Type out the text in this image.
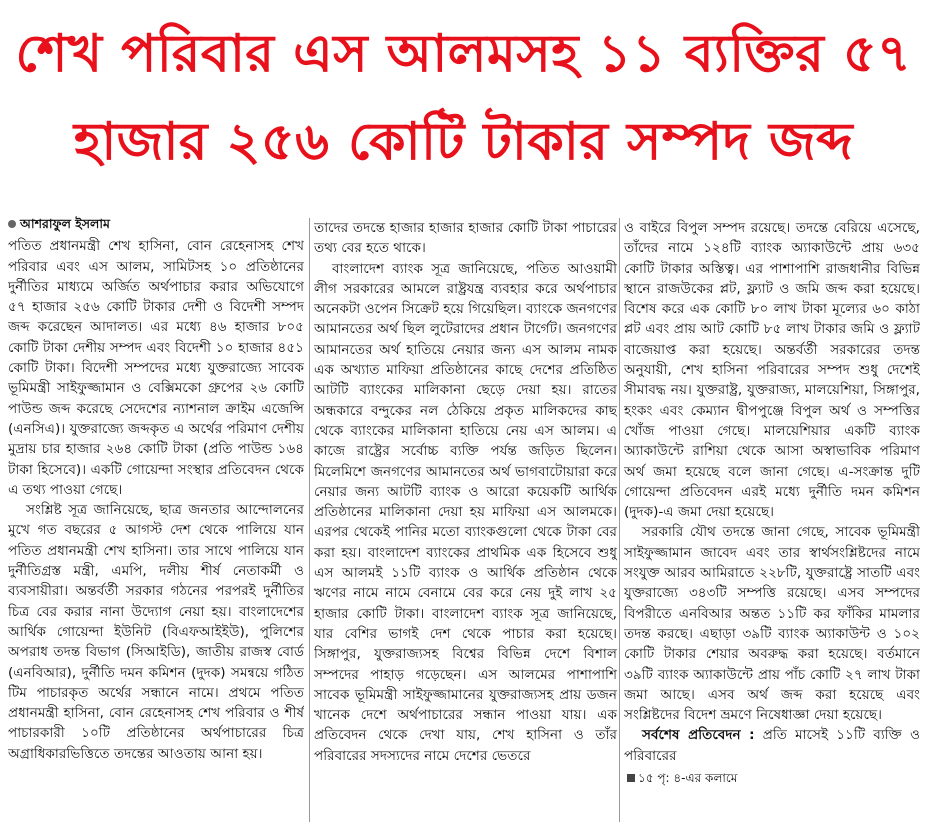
শেখ পরিবার এস আলমসহ ১১ ব্যক্তির ৫৭
হাজার ২৫৬ কোটি টাকার সম্পদ জব্দ
আশরাফুল ইসলাম

পতিত প্রধানমন্ত্রী শেখ হাসিনা, বোন রেহেনাসহ শেখ পরিবার এবং এস আলম, সামিটসহ ১০ প্রতিষ্ঠানের দুর্নীতির মাধ্যমে অর্জিত অর্থপাচার করার অভিযোগে ৫৭ হাজার ২৫৬ কোটি টাকার দেশী ও বিদেশী সম্পদ জব্দ করেছেন আদালত। এর মধ্যে ৪৬ হাজার ৮০৫ কোটি টাকা দেশীয় সম্পদ এবং বিদেশী ১০ হাজার ৪৫১ কোটি টাকা। বিদেশী সম্পদের মধ্যে যুক্তরাজ্যে সাবেক ভূমিমন্ত্রী সাইফুজ্জামান ও বেক্সিমকো গ্রুপের ২৬ কোটি পাউন্ড জব্দ করেছে সেদেশের ন্যাশনাল ক্রাইম এজেন্সি (এনসিএ)। যুক্তরাজ্যে জব্দকৃত এ অর্থের পরিমাণ দেশীয় মুদ্রায় চার হাজার ২৬৪ কোটি টাকা (প্রতি পাউন্ড ১৬৪ টাকা হিসেবে)। একটি গোয়েন্দা সংস্থার প্রতিবেদন থেকে এ তথ্য পাওয়া গেছে।

সংশ্লিষ্ট সূত্র জানিয়েছে, ছাত্র জনতার আন্দোলনের মুখে গত বছরের ৫ আগস্ট দেশ থেকে পালিয়ে যান পতিত প্রধানমন্ত্রী শেখ হাসিনা। তার সাথে পালিয়ে যান দুর্নীতিগ্রস্ত মন্ত্রী, এমপি, দলীয় শীর্ষ নেতাকর্মী ও ব্যবসায়ীরা। অন্তর্বর্তী সরকার গঠনের পরপরই দুর্নীতির চিত্র বের করার নানা উদ্যোগ নেয়া হয়। বাংলাদেশের আর্থিক গোয়েন্দা ইউনিট (বিএফআইইউ), পুলিশের অপরাধ তদন্ত বিভাগ (সিআইডি), জাতীয় রাজস্ব বোর্ড (এনবিআর), দুর্নীতি দমন কমিশন (দুদক) সমন্বয়ে গঠিত টিম পাচারকৃত অর্থের সন্ধানে নামে। প্রথমে পতিত প্রধানমন্ত্রী হাসিনা, বোন রেহেনাসহ শেখ পরিবার ও শীর্ষ পাচারকারী ১০টি প্রতিষ্ঠানের অর্থপাচারের চিত্র অগ্রাধিকারভিত্তিতে তদন্তের আওতায় আনা হয়।

তাদের তদন্তে হাজার হাজার হাজার কোটি টাকা পাচারের তথ্য বের হতে থাকে।

বাংলাদেশ ব্যাংক সূত্র জানিয়েছে, পতিত আওয়ামী লীগ সরকারের আমলে রাষ্ট্রযন্ত্র ব্যবহার করে অর্থপাচার অনেকটা ওপেন সিক্রেট হয়ে গিয়েছিল। ব্যাংকে জনগণের আমানতের অর্থ ছিল লুটেরাদের প্রধান টার্গেট। জনগণের আমানতের অর্থ হাতিয়ে নেয়ার জন্য এস আলম নামক এক অখ্যাত মাফিয়া প্রতিষ্ঠানের কাছে দেশের প্রতিষ্ঠিত আটটি ব্যাংকের মালিকানা ছেড়ে দেয়া হয়। রাতের অন্ধকারে বন্দুকের নল ঠেকিয়ে প্রকৃত মালিকদের কাছ থেকে ব্যাংকের মালিকানা হাতিয়ে নেয় এস আলম। এ কাজে রাষ্ট্রের সর্বোচ্চ ব্যক্তি পর্যন্ত জড়িত ছিলেন। মিলেমিশে জনগণের আমানতের অর্থ ভাগবাটোয়ারা করে নেয়ার জন্য আটটি ব্যাংক ও আরো কয়েকটি আর্থিক প্রতিষ্ঠানের মালিকানা দেয়া হয় মাফিয়া এস আলমকে। এরপর থেকেই পানির মতো ব্যাংকগুলো থেকে টাকা বের করা হয়। বাংলাদেশ ব্যাংকের প্রাথমিক এক হিসেবে শুধু এস আলমই ১১টি ব্যাংক ও আর্থিক প্রতিষ্ঠান থেকে ঋণের নামে নামে বেনামে বের করে নেয় দুই লাখ ২৫ হাজার কোটি টাকা। বাংলাদেশ ব্যাংক সূত্র জানিয়েছে, যার বেশির ভাগই দেশ থেকে পাচার করা হয়েছে। সিঙ্গাপুর, যুক্তরাজ্যসহ বিশ্বের বিভিন্ন দেশে বিশাল সম্পদের পাহাড় গড়েছেন। এস আলমের পাশাপাশি সাবেক ভূমিমন্ত্রী সাইফুজ্জামানের যুক্তরাজ্যসহ প্রায় ডজন খানেক দেশে অর্থপাচারের সন্ধান পাওয়া যায়। এক প্রতিবেদন থেকে দেখা যায়, শেখ হাসিনা ও তাঁর পরিবারের সদস্যদের নামে দেশের ভেতরে

ও বাইরে বিপুল সম্পদ রয়েছে। তদন্তে বেরিয়ে এসেছে, তাঁদের নামে ১২৪টি ব্যাংক অ্যাকাউন্টে প্রায় ৬৩৫ কোটি টাকার অস্তিত্ব। এর পাশাপাশি রাজধানীর বিভিন্ন স্থানে রাজউকের প্লট, ফ্ল্যাট ও জমি জব্দ করা হয়েছে। বিশেষ করে এক কোটি ৮০ লাখ টাকা মূল্যের ৬০ কাঠা প্লট এবং প্রায় আট কোটি ৮৫ লাখ টাকার জমি ও ফ্ল্যাট বাজেয়াপ্ত করা হয়েছে। অন্তর্বর্তী সরকারের তদন্ত অনুযায়ী, শেখ হাসিনা পরিবারের সম্পদ শুধু দেশেই সীমাবদ্ধ নয়। যুক্তরাষ্ট্র, যুক্তরাজ্য, মালয়েশিয়া, সিঙ্গাপুর, হংকং এবং কেম্যান দ্বীপপুঞ্জে বিপুল অর্থ ও সম্পত্তির খোঁজ পাওয়া গেছে। মালয়েশিয়ার একটি ব্যাংক অ্যাকাউন্টে রাশিয়া থেকে আসা অস্বাভাবিক পরিমাণ অর্থ জমা হয়েছে বলে জানা গেছে। এ-সংক্রান্ত দুটি গোয়েন্দা প্রতিবেদন এরই মধ্যে দুর্নীতি দমন কমিশন (দুদক)-এ জমা দেয়া হয়েছে।

সরকারি যৌথ তদন্তে জানা গেছে, সাবেক ভূমিমন্ত্রী সাইফুজ্জামান জাবেদ এবং তার স্বার্থসংশ্লিষ্টদের নামে সংযুক্ত আরব আমিরাতে ২২৮টি, যুক্তরাষ্ট্রে সাতটি এবং যুক্তরাজ্যে ৩৪৩টি সম্পত্তি রয়েছে। এসব সম্পদের বিপরীতে এনবিআর অন্তত ১১টি কর ফাঁকির মামলার তদন্ত করছে। এছাড়া ৩৯টি ব্যাংক অ্যাকাউন্ট ও ১০২ কোটি টাকার শেয়ার অবরুদ্ধ করা হয়েছে। বর্তমানে ৩৯টি ব্যাংক অ্যাকাউন্টে প্রায় পাঁচ কোটি ২৭ লাখ টাকা জমা আছে। এসব অর্থ জব্দ করা হয়েছে এবং সংশ্লিষ্টদের বিদেশ ভ্রমণে নিষেধাজ্ঞা দেয়া হয়েছে।

সর্বশেষ প্রতিবেদন : প্রতি মাসেই ১১টি ব্যক্তি ও পরিবারের

১৫ পৃ: ৪-এর কলামে
